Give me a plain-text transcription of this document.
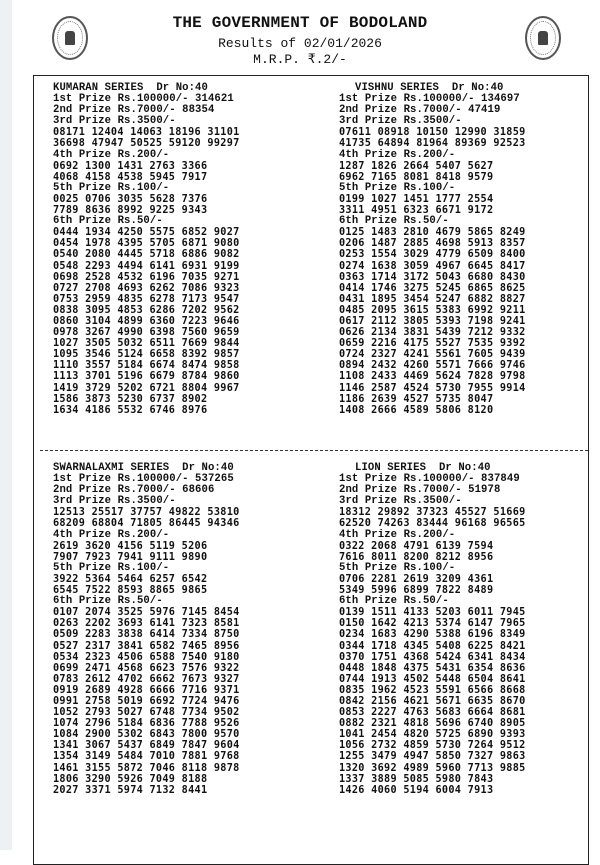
THE GOVERNMENT OF BODOLAND
Results of 02/01/2026
M.R.P. ₹.2/-
KUMARAN SERIES  Dr No:40
1st Prize Rs.100000/- 314621
2nd Prize Rs.7000/- 88354
3rd Prize Rs.3500/-
08171 12404 14063 18196 31101
36698 47947 50525 59120 99297
4th Prize Rs.200/-
0692 1300 1431 2763 3366
4068 4158 4538 5945 7917
5th Prize Rs.100/-
0025 0706 3035 5628 7376
7789 8636 8992 9225 9343
6th Prize Rs.50/-
0444 1934 4250 5575 6852 9027
0454 1978 4395 5705 6871 9080
0540 2080 4445 5718 6886 9082
0548 2293 4494 6141 6931 9199
0698 2528 4532 6196 7035 9271
0727 2708 4693 6262 7086 9323
0753 2959 4835 6278 7173 9547
0838 3095 4853 6286 7202 9562
0860 3104 4899 6360 7223 9646
0978 3267 4990 6398 7560 9659
1027 3505 5032 6511 7669 9844
1095 3546 5124 6658 8392 9857
1110 3557 5184 6674 8474 9858
1113 3701 5196 6679 8784 9860
1419 3729 5202 6721 8804 9967
1586 3873 5230 6737 8902
1634 4186 5532 6746 8976
VISHNU SERIES  Dr No:40
1st Prize Rs.100000/- 134697
2nd Prize Rs.7000/- 47419
3rd Prize Rs.3500/-
07611 08918 10150 12990 31859
41735 64894 81964 89369 92523
4th Prize Rs.200/-
1287 1826 2664 5407 5627
6962 7165 8081 8418 9579
5th Prize Rs.100/-
0199 1027 1451 1777 2554
3311 4951 6323 6671 9172
6th Prize Rs.50/-
0125 1483 2810 4679 5865 8249
0206 1487 2885 4698 5913 8357
0253 1554 3029 4779 6509 8400
0274 1638 3059 4967 6645 8417
0363 1714 3172 5043 6680 8430
0414 1746 3275 5245 6865 8625
0431 1895 3454 5247 6882 8827
0485 2095 3615 5383 6992 9211
0617 2112 3805 5393 7198 9241
0626 2134 3831 5439 7212 9332
0659 2216 4175 5527 7535 9392
0724 2327 4241 5561 7605 9439
0894 2432 4260 5571 7666 9746
1108 2433 4469 5624 7828 9798
1146 2587 4524 5730 7955 9914
1186 2639 4527 5735 8047
1408 2666 4589 5806 8120
SWARNALAXMI SERIES  Dr No:40
1st Prize Rs.100000/- 537265
2nd Prize Rs.7000/- 68606
3rd Prize Rs.3500/-
12513 25517 37757 49822 53810
68209 68804 71805 86445 94346
4th Prize Rs.200/-
2619 3620 4156 5119 5206
7907 7923 7941 9111 9890
5th Prize Rs.100/-
3922 5364 5464 6257 6542
6545 7522 8593 8865 9865
6th Prize Rs.50/-
0107 2074 3525 5976 7145 8454
0263 2202 3693 6141 7323 8581
0509 2283 3838 6414 7334 8750
0527 2317 3841 6582 7465 8956
0534 2323 4506 6588 7540 9180
0699 2471 4568 6623 7576 9322
0783 2612 4702 6662 7673 9327
0919 2689 4928 6666 7716 9371
0991 2758 5019 6692 7724 9476
1052 2793 5027 6748 7734 9502
1074 2796 5184 6836 7788 9526
1084 2900 5302 6843 7800 9570
1341 3067 5437 6849 7847 9604
1354 3149 5484 7010 7881 9768
1461 3155 5872 7046 8118 9878
1806 3290 5926 7049 8188
2027 3371 5974 7132 8441
LION SERIES  Dr No:40
1st Prize Rs.100000/- 837849
2nd Prize Rs.7000/- 51978
3rd Prize Rs.3500/-
18312 29892 37323 45527 51669
62520 74263 83444 96168 96565
4th Prize Rs.200/-
0322 2068 4791 6139 7594
7616 8011 8200 8212 8956
5th Prize Rs.100/-
0706 2281 2619 3209 4361
5349 5996 6899 7822 8489
6th Prize Rs.50/-
0139 1511 4133 5203 6011 7945
0150 1642 4213 5374 6147 7965
0234 1683 4290 5388 6196 8349
0344 1718 4345 5408 6225 8421
0370 1751 4368 5424 6341 8434
0448 1848 4375 5431 6354 8636
0744 1913 4502 5448 6504 8641
0835 1962 4523 5591 6566 8668
0842 2156 4621 5671 6635 8670
0853 2227 4763 5683 6664 8681
0882 2321 4818 5696 6740 8905
1041 2454 4820 5725 6890 9393
1056 2732 4859 5730 7264 9512
1255 3479 4947 5850 7327 9863
1320 3692 4989 5960 7713 9885
1337 3889 5085 5980 7843
1426 4060 5194 6004 7913
